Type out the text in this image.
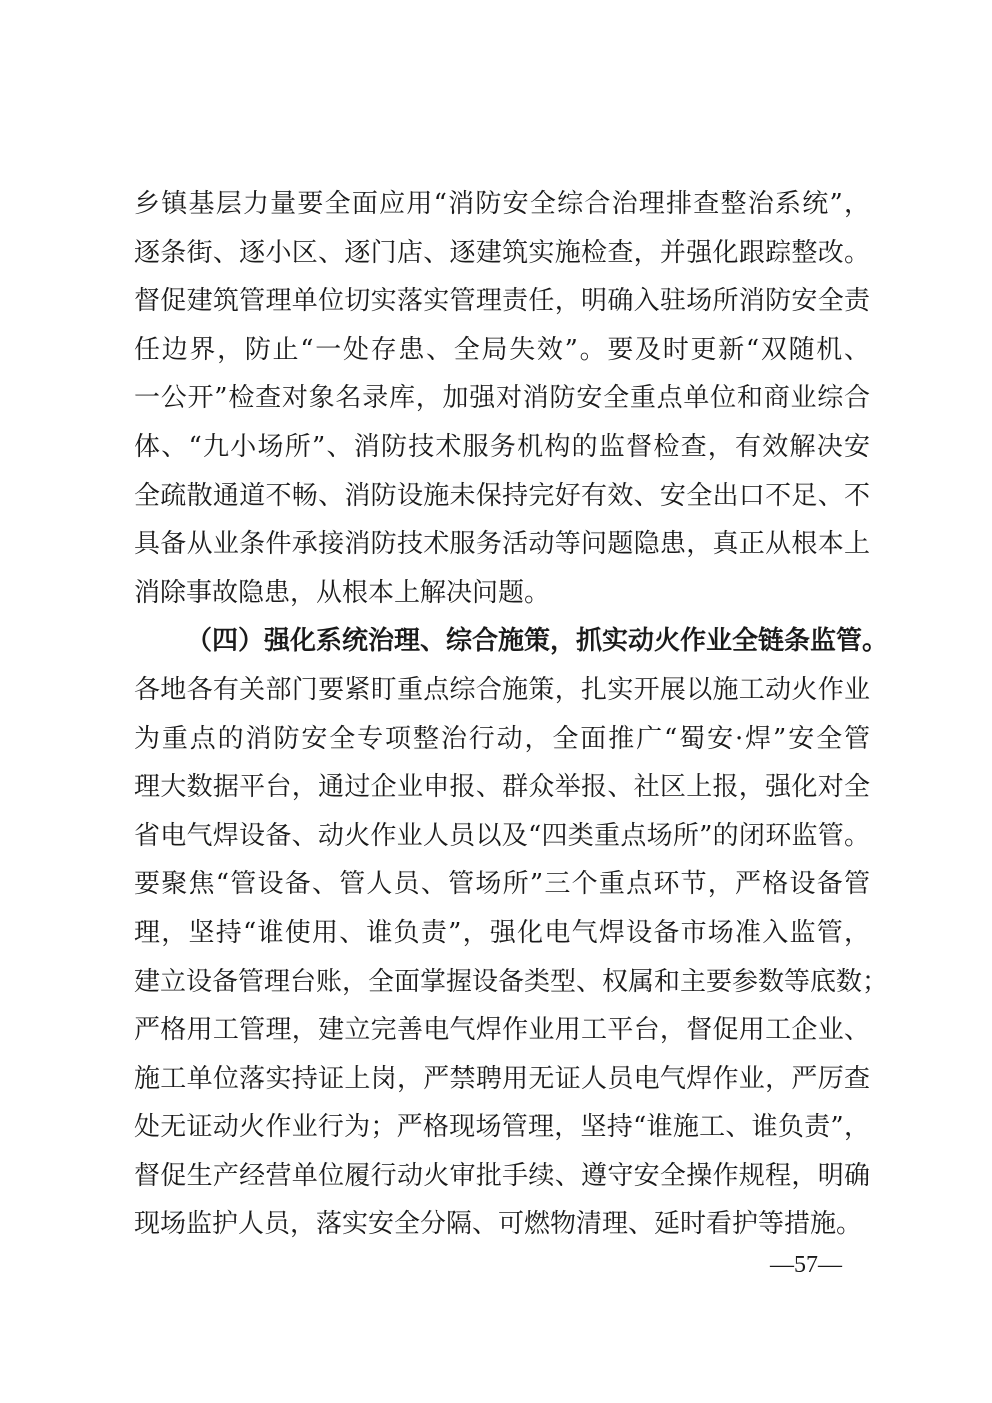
乡镇基层力量要全面应用“消防安全综合治理排查整治系统”，
逐条街、逐小区、逐门店、逐建筑实施检查，并强化跟踪整改。
督促建筑管理单位切实落实管理责任，明确入驻场所消防安全责
任边界，防止“一处存患、全局失效”。要及时更新“双随机、
一公开”检查对象名录库，加强对消防安全重点单位和商业综合
体、“九小场所”、消防技术服务机构的监督检查，有效解决安
全疏散通道不畅、消防设施未保持完好有效、安全出口不足、不
具备从业条件承接消防技术服务活动等问题隐患，真正从根本上
消除事故隐患，从根本上解决问题。
（四）强化系统治理、综合施策，抓实动火作业全链条监管。
各地各有关部门要紧盯重点综合施策，扎实开展以施工动火作业
为重点的消防安全专项整治行动，全面推广“蜀安·焊”安全管
理大数据平台，通过企业申报、群众举报、社区上报，强化对全
省电气焊设备、动火作业人员以及“四类重点场所”的闭环监管。
要聚焦“管设备、管人员、管场所”三个重点环节，严格设备管
理，坚持“谁使用、谁负责”，强化电气焊设备市场准入监管，
建立设备管理台账，全面掌握设备类型、权属和主要参数等底数；
严格用工管理，建立完善电气焊作业用工平台，督促用工企业、
施工单位落实持证上岗，严禁聘用无证人员电气焊作业，严厉查
处无证动火作业行为；严格现场管理，坚持“谁施工、谁负责”，
督促生产经营单位履行动火审批手续、遵守安全操作规程，明确
现场监护人员，落实安全分隔、可燃物清理、延时看护等措施。
—57—
